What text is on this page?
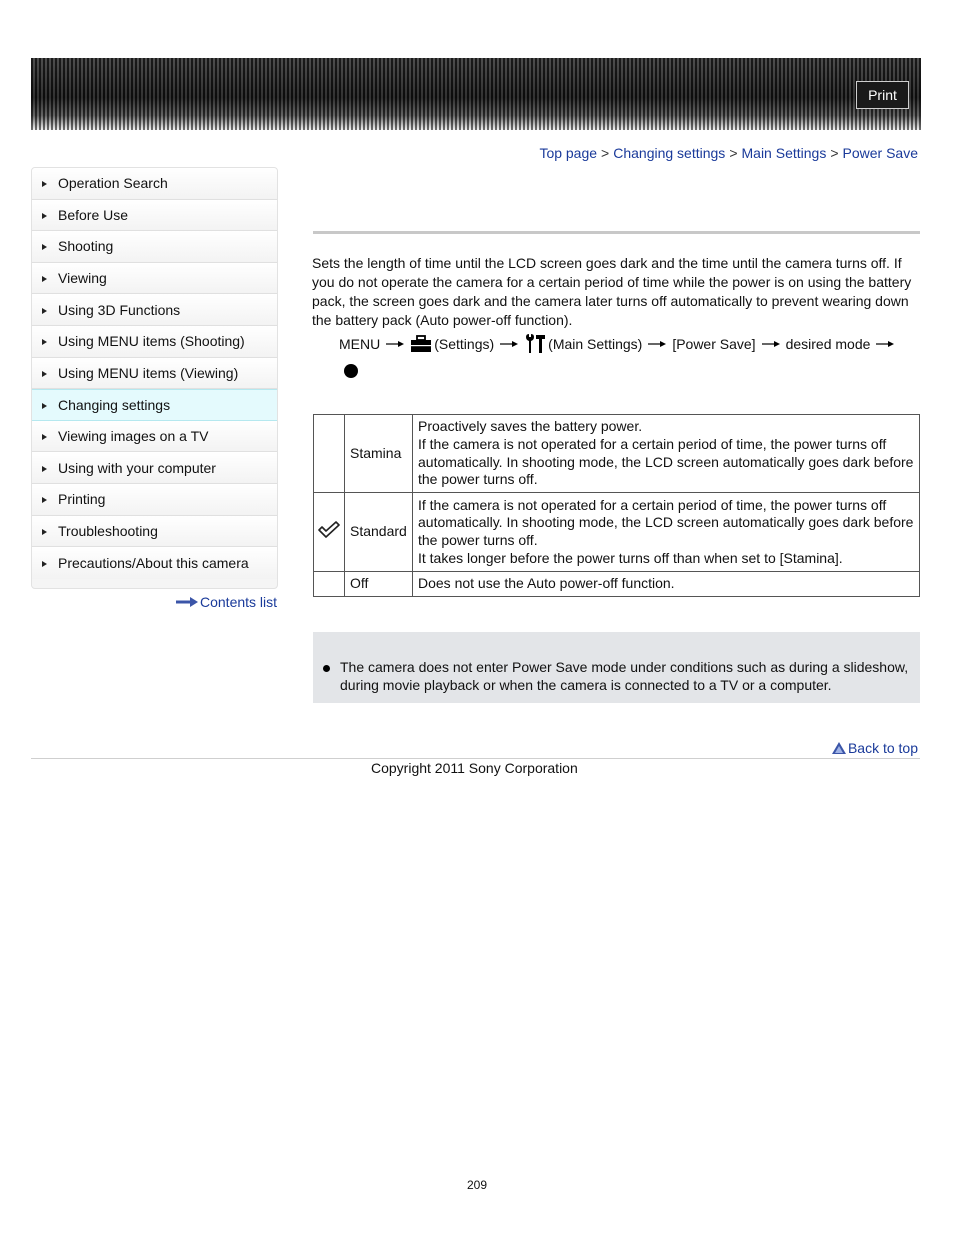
Print
Top page > Changing settings > Main Settings > Power Save
Operation Search
Before Use
Shooting
Viewing
Using 3D Functions
Using MENU items (Shooting)
Using MENU items (Viewing)
Changing settings
Viewing images on a TV
Using with your computer
Printing
Troubleshooting
Precautions/About this camera
Contents list
Sets the length of time until the LCD screen goes dark and the time until the camera turns off. If you do not operate the camera for a certain period of time while the power is on using the battery pack, the screen goes dark and the camera later turns off automatically to prevent wearing down the battery pack (Auto power-off function).
MENU	(Settings)	(Main Settings) [Power Save] desired mode
	Stamina	Proactively saves the battery power.
If the camera is not operated for a certain period of time, the power turns off automatically. In shooting mode, the LCD screen automatically goes dark before the power turns off.

	Standard	If the camera is not operated for a certain period of time, the power turns off automatically. In shooting mode, the LCD screen automatically goes dark before the power turns off.
It takes longer before the power turns off than when set to [Stamina].

	Off	Does not use the Auto power-off function.
The camera does not enter Power Save mode under conditions such as during a slideshow, during movie playback or when the camera is connected to a TV or a computer.
Back to top
Copyright 2011 Sony Corporation
209
